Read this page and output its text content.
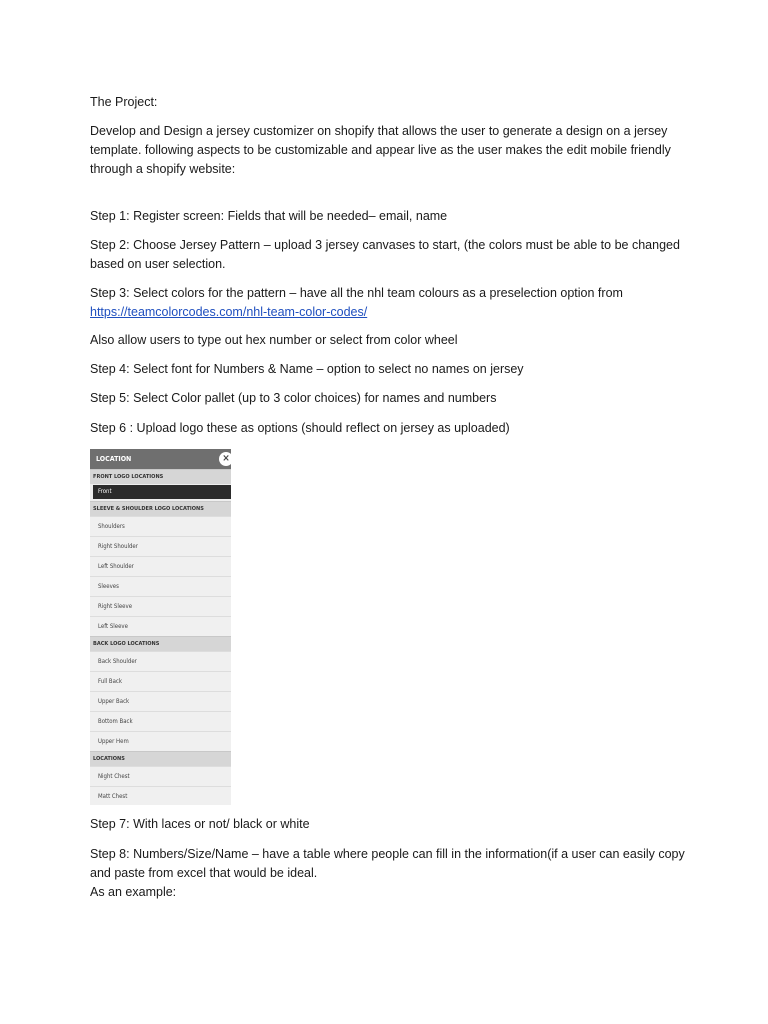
The Project:

Develop and Design a jersey customizer on shopify that allows the user to generate a design on a jersey template. following aspects to be customizable and appear live as the user makes the edit mobile friendly through a shopify website:

Step 1: Register screen: Fields that will be needed– email, name

Step 2: Choose Jersey Pattern – upload 3 jersey canvases to start, (the colors must be able to be changed based on user selection.

Step 3: Select colors for the pattern – have all the nhl team colours as a preselection option from

https://teamcolorcodes.com/nhl-team-color-codes/

Also allow users to type out hex number or select from color wheel

Step 4: Select font for Numbers & Name – option to select no names on jersey

Step 5: Select Color pallet (up to 3 color choices) for names and numbers

Step 6 : Upload logo these as options (should reflect on jersey as uploaded)

LOCATION	×
FRONT LOGO LOCATIONS
Front
SLEEVE & SHOULDER LOGO LOCATIONS
Shoulders
Right Shoulder
Left Shoulder
Sleeves
Right Sleeve
Left Sleeve
BACK LOGO LOCATIONS
Back Shoulder
Full Back
Upper Back
Bottom Back
Upper Hem
LOCATIONS
Night Chest
Matt Chest

Step 7: With laces or not/ black or white

Step 8: Numbers/Size/Name – have a table where people can fill in the information(if a user can easily copy and paste from excel that would be ideal.

As an example:
